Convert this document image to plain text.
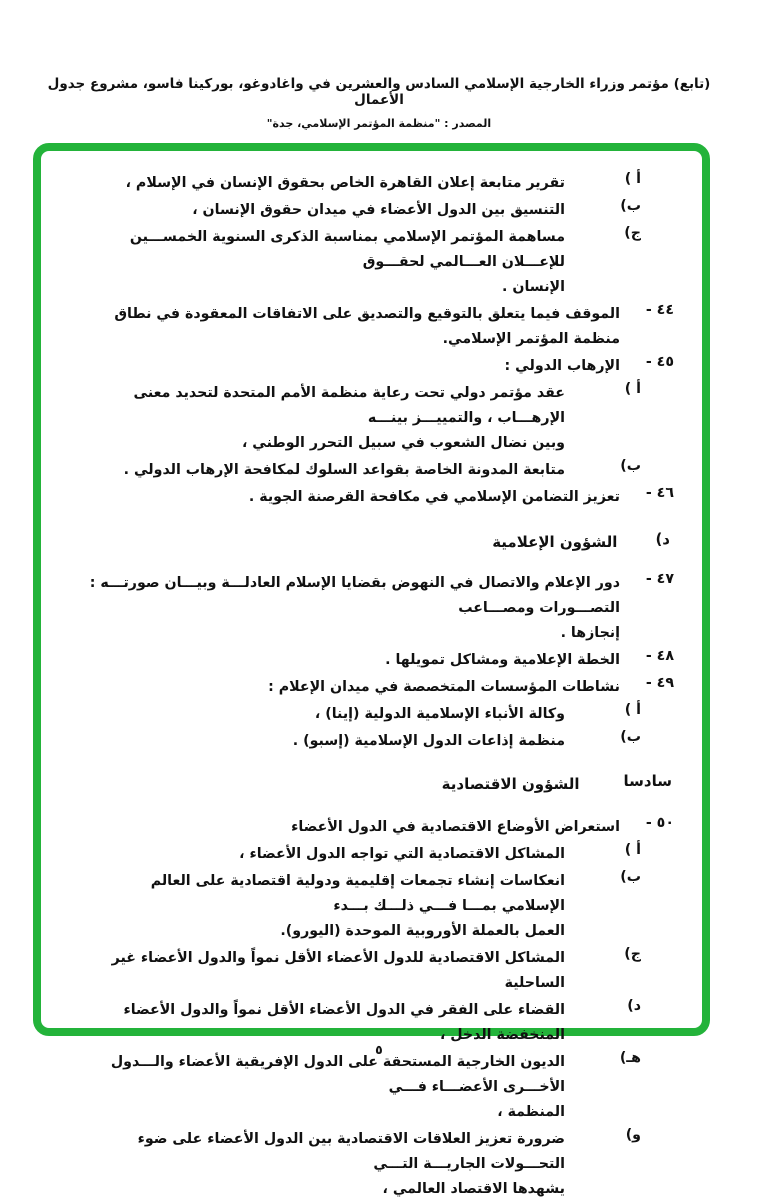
(تابع) مؤتمر وزراء الخارجية الإسلامي السادس والعشرين في واغادوغو، بوركينا فاسو، مشروع جدول الأعمال
المصدر : "منظمة المؤتمر الإسلامي، جدة"
أ )
تقرير متابعة إعلان القاهرة الخاص بحقوق الإنسان في الإسلام ،
ب)
التنسيق بين الدول الأعضاء في ميدان حقوق الإنسان ،
ج)
مساهمة المؤتمر الإسلامي بمناسبة الذكرى السنوية الخمســـين للإعـــلان العـــالمي لحقـــوق
الإنسان .
٤٤ -
الموقف فيما يتعلق بالتوقيع والتصديق على الاتفاقات المعقودة في نطاق منظمة المؤتمر الإسلامي.
٤٥ -
الإرهاب الدولي :
أ )
عقد مؤتمر دولي تحت رعاية منظمة الأمم المتحدة لتحديد معنى الإرهـــاب ، والتمييـــز بينـــه
وبين نضال الشعوب في سبيل التحرر الوطني ،
ب)
متابعة المدونة الخاصة بقواعد السلوك لمكافحة الإرهاب الدولي .
٤٦ -
تعزيز التضامن الإسلامي في مكافحة القرصنة الجوية .
د)
الشؤون الإعلامية
٤٧ -
دور الإعلام والاتصال في النهوض بقضايا الإسلام العادلـــة وبيـــان صورتـــه : التصـــورات ومصـــاعب
إنجازها .
٤٨ -
الخطة الإعلامية ومشاكل تمويلها .
٤٩ -
نشاطات المؤسسات المتخصصة في ميدان الإعلام :
أ )
وكالة الأنباء الإسلامية الدولية (إينا) ،
ب)
منظمة إذاعات الدول الإسلامية (إسبو) .
سادسا
الشؤون الاقتصادية
٥٠ -
استعراض الأوضاع الاقتصادية في الدول الأعضاء
أ )
المشاكل الاقتصادية التي تواجه الدول الأعضاء ،
ب)
انعكاسات إنشاء تجمعات إقليمية ودولية اقتصادية على العالم الإسلامي بمـــا فـــي ذلـــك بـــدء
العمل بالعملة الأوروبية الموحدة (اليورو).
ج)
المشاكل الاقتصادية للدول الأعضاء الأقل نمواً والدول الأعضاء غير الساحلية
د)
القضاء على الفقر في الدول الأعضاء الأقل نمواً والدول الأعضاء المنخفضة الدخل ،
هـ)
الديون الخارجية المستحقة على الدول الإفريقية الأعضاء والـــدول الأخـــرى الأعضـــاء فـــي
المنظمة ،
و)
ضرورة تعزيز العلاقات الاقتصادية بين الدول الأعضاء على ضوء التحـــولات الجاريـــة التـــي
يشهدها الاقتصاد العالمي ،
٥
